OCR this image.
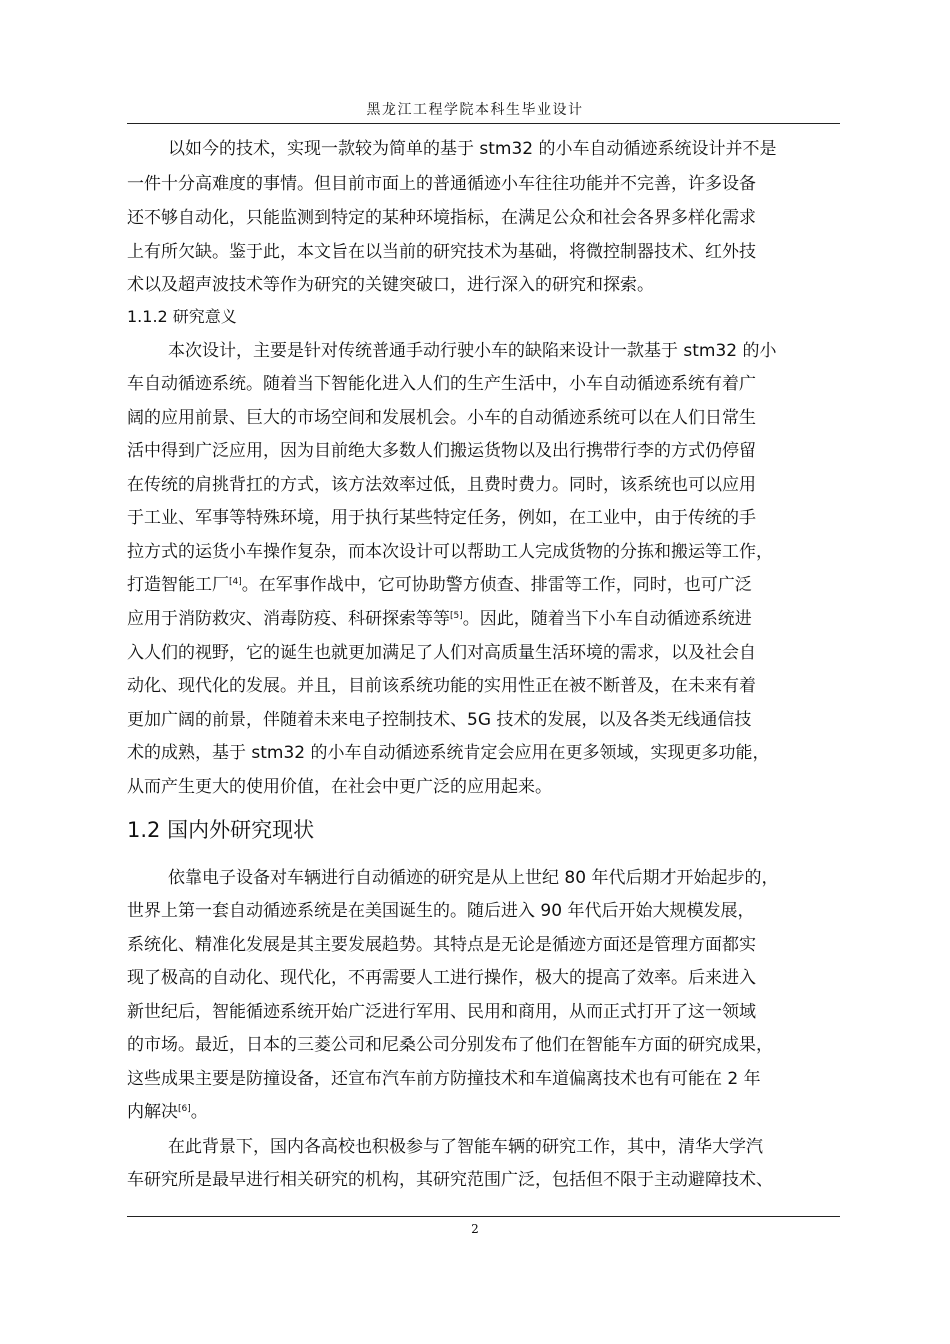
黑龙江工程学院本科生毕业设计
以如今的技术，实现一款较为简单的基于 stm32 的小车自动循迹系统设计并不是
一件十分高难度的事情。但目前市面上的普通循迹小车往往功能并不完善，许多设备
还不够自动化，只能监测到特定的某种环境指标，在满足公众和社会各界多样化需求
上有所欠缺。鉴于此，本文旨在以当前的研究技术为基础，将微控制器技术、红外技
术以及超声波技术等作为研究的关键突破口，进行深入的研究和探索。
1.1.2 研究意义
本次设计，主要是针对传统普通手动行驶小车的缺陷来设计一款基于 stm32 的小
车自动循迹系统。随着当下智能化进入人们的生产生活中，小车自动循迹系统有着广
阔的应用前景、巨大的市场空间和发展机会。小车的自动循迹系统可以在人们日常生
活中得到广泛应用，因为目前绝大多数人们搬运货物以及出行携带行李的方式仍停留
在传统的肩挑背扛的方式，该方法效率过低，且费时费力。同时，该系统也可以应用
于工业、军事等特殊环境，用于执行某些特定任务，例如，在工业中，由于传统的手
拉方式的运货小车操作复杂，而本次设计可以帮助工人完成货物的分拣和搬运等工作，
打造智能工厂[4]。在军事作战中，它可协助警方侦查、排雷等工作，同时，也可广泛
应用于消防救灾、消毒防疫、科研探索等等[5]。因此，随着当下小车自动循迹系统进
入人们的视野，它的诞生也就更加满足了人们对高质量生活环境的需求，以及社会自
动化、现代化的发展。并且，目前该系统功能的实用性正在被不断普及，在未来有着
更加广阔的前景，伴随着未来电子控制技术、5G 技术的发展，以及各类无线通信技
术的成熟，基于 stm32 的小车自动循迹系统肯定会应用在更多领域，实现更多功能，
从而产生更大的使用价值，在社会中更广泛的应用起来。
1.2 国内外研究现状
依靠电子设备对车辆进行自动循迹的研究是从上世纪 80 年代后期才开始起步的，
世界上第一套自动循迹系统是在美国诞生的。随后进入 90 年代后开始大规模发展，
系统化、精准化发展是其主要发展趋势。其特点是无论是循迹方面还是管理方面都实
现了极高的自动化、现代化，不再需要人工进行操作，极大的提高了效率。后来进入
新世纪后，智能循迹系统开始广泛进行军用、民用和商用，从而正式打开了这一领域
的市场。最近，日本的三菱公司和尼桑公司分别发布了他们在智能车方面的研究成果，
这些成果主要是防撞设备，还宣布汽车前方防撞技术和车道偏离技术也有可能在 2 年
内解决[6]。
在此背景下，国内各高校也积极参与了智能车辆的研究工作，其中，清华大学汽
车研究所是最早进行相关研究的机构，其研究范围广泛，包括但不限于主动避障技术、
2
